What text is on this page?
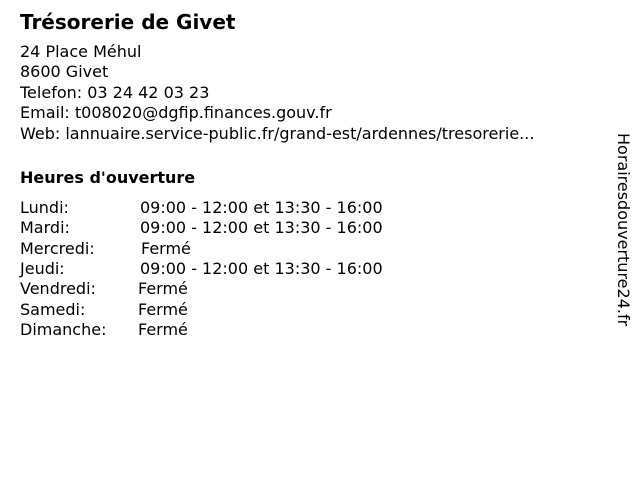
Trésorerie de Givet
24 Place Méhul
8600 Givet
Telefon: 03 24 42 03 23
Email: t008020@dgfip.finances.gouv.fr
Web: lannuaire.service-public.fr/grand-est/ardennes/tresorerie...
Heures d'ouverture
Lundi:	09:00 - 12:00 et 13:30 - 16:00
Mardi:	09:00 - 12:00 et 13:30 - 16:00
Mercredi:	Fermé
Jeudi:	09:00 - 12:00 et 13:30 - 16:00
Vendredi:	Fermé
Samedi:	Fermé
Dimanche: Fermé
Horairesdouverture24.fr
